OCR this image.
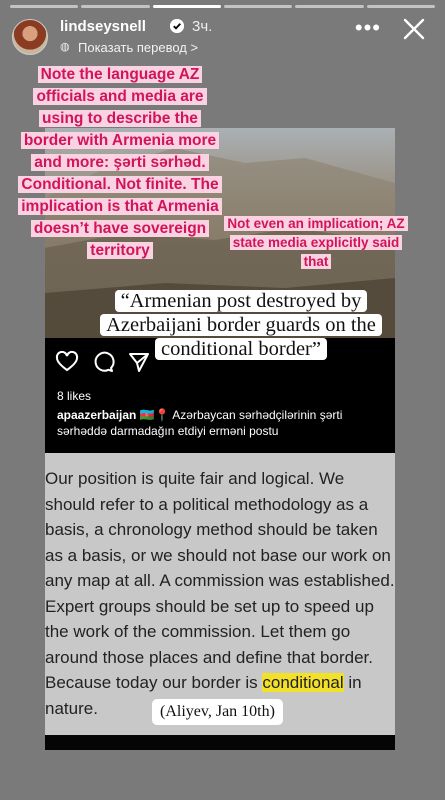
lindseysnell	3ч.
◍ Показать перевод >
•••
8 likes
apaazerbaijan 🇦🇿📍 Azərbaycan sərhədçilərinin şərti sərhəddə darmadağın etdiyi erməni postu
Our position is quite fair and logical. We
should refer to a political methodology as a
basis, a chronology method should be taken
as a basis, or we should not base our work on
any map at all. A commission was established.
Expert groups should be set up to speed up
the work of the commission. Let them go
around those places and define that border.
Because today our border is conditional in
nature.
Note the language AZ officials and media are using to describe the border with Armenia more and more: şərti sərhəd. Conditional. Not finite. The implication is that Armenia doesn’t have sovereign territory
Not even an implication; AZ state media explicitly said that
“Armenian post destroyed by Azerbaijani border guards on the conditional border”
(Aliyev, Jan 10th)
